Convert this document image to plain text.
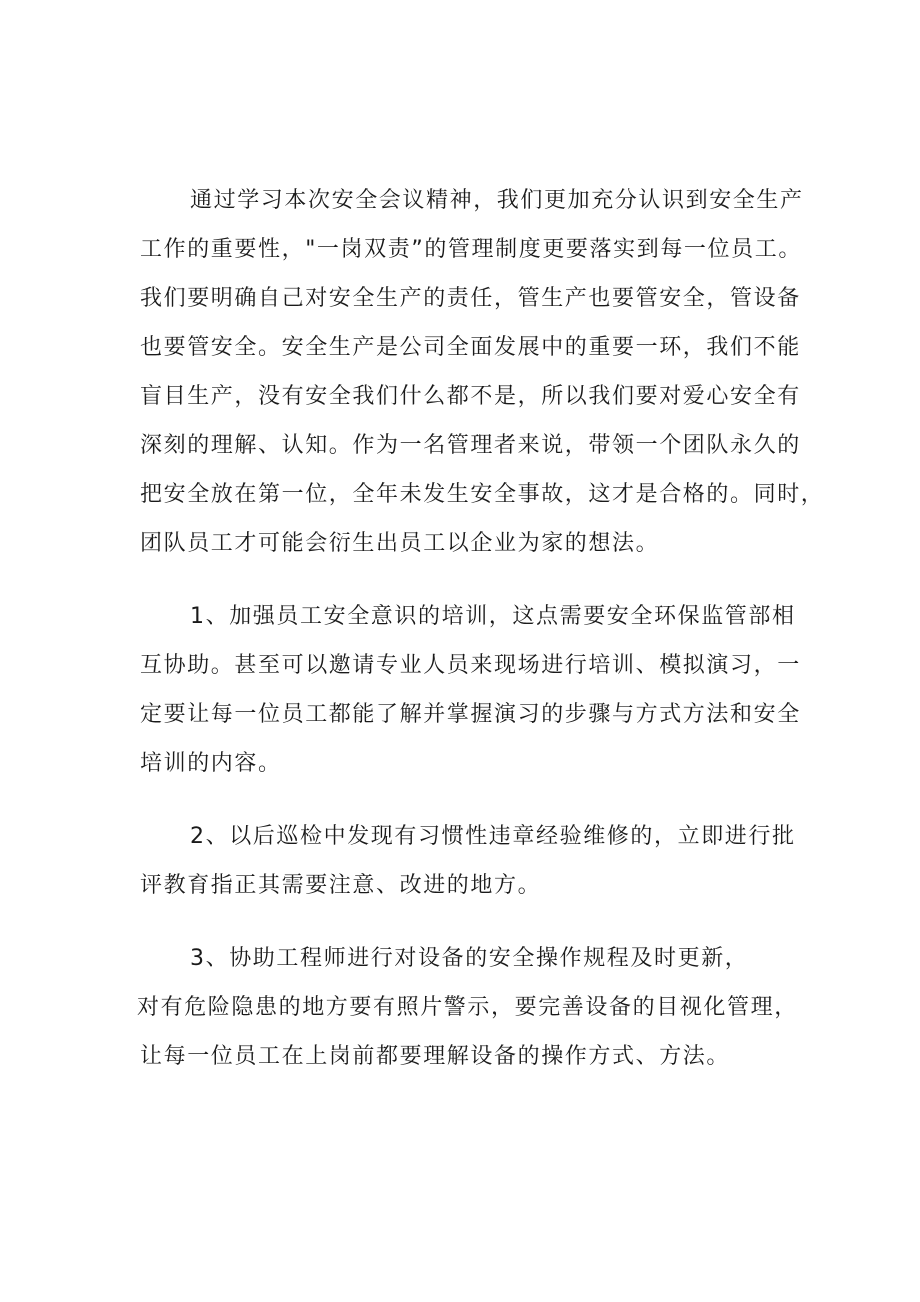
通过学习本次安全会议精神，我们更加充分认识到安全生产
工作的重要性，"一岗双责”的管理制度更要落实到每一位员工。
我们要明确自己对安全生产的责任，管生产也要管安全，管设备
也要管安全。安全生产是公司全面发展中的重要一环，我们不能
盲目生产，没有安全我们什么都不是，所以我们要对爱心安全有
深刻的理解、认知。作为一名管理者来说，带领一个团队永久的
把安全放在第一位，全年未发生安全事故，这才是合格的。同时，
团队员工才可能会衍生出员工以企业为家的想法。

1、加强员工安全意识的培训，这点需要安全环保监管部相
互协助。甚至可以邀请专业人员来现场进行培训、模拟演习，一
定要让每一位员工都能了解并掌握演习的步骤与方式方法和安全
培训的内容。

2、以后巡检中发现有习惯性违章经验维修的，立即进行批
评教育指正其需要注意、改进的地方。

3、协助工程师进行对设备的安全操作规程及时更新，
对有危险隐患的地方要有照片警示，要完善设备的目视化管理，
让每一位员工在上岗前都要理解设备的操作方式、方法。
